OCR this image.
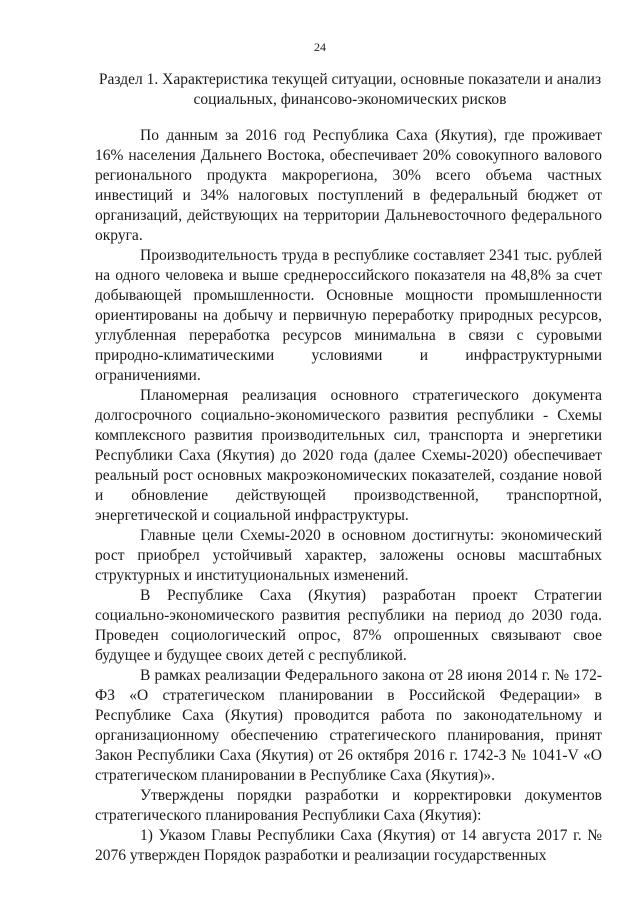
24
Раздел 1. Характеристика текущей ситуации, основные показатели и анализ социальных, финансово-экономических рисков

По данным за 2016 год Республика Саха (Якутия), где проживает 16% населения Дальнего Востока, обеспечивает 20% совокупного валового регионального продукта макрорегиона, 30% всего объема частных инвестиций и 34% налоговых поступлений в федеральный бюджет от организаций, действующих на территории Дальневосточного федерального округа.

Производительность труда в республике составляет 2341 тыс. рублей на одного человека и выше среднероссийского показателя на 48,8% за счет добывающей промышленности. Основные мощности промышленности ориентированы на добычу и первичную переработку природных ресурсов, углубленная переработка ресурсов минимальна в связи с суровыми природно-климатическими условиями и инфраструктурными ограничениями.

Планомерная реализация основного стратегического документа долгосрочного социально-экономического развития республики - Схемы комплексного развития производительных сил, транспорта и энергетики Республики Саха (Якутия) до 2020 года (далее Схемы-2020) обеспечивает реальный рост основных макроэкономических показателей, создание новой и обновление действующей производственной, транспортной, энергетической и социальной инфраструктуры.

Главные цели Схемы-2020 в основном достигнуты: экономический рост приобрел устойчивый характер, заложены основы масштабных структурных и институциональных изменений.

В Республике Саха (Якутия) разработан проект Стратегии социально-экономического развития республики на период до 2030 года. Проведен социологический опрос, 87% опрошенных связывают свое будущее и будущее своих детей с республикой.

В рамках реализации Федерального закона от 28 июня 2014 г. № 172-ФЗ «О стратегическом планировании в Российской Федерации» в Республике Саха (Якутия) проводится работа по законодательному и организационному обеспечению стратегического планирования, принят Закон Республики Саха (Якутия) от 26 октября 2016 г. 1742-З № 1041-V «О стратегическом планировании в Республике Саха (Якутия)».

Утверждены порядки разработки и корректировки документов стратегического планирования Республики Саха (Якутия):

1) Указом Главы Республики Саха (Якутия) от 14 августа 2017 г. № 2076 утвержден Порядок разработки и реализации государственных
